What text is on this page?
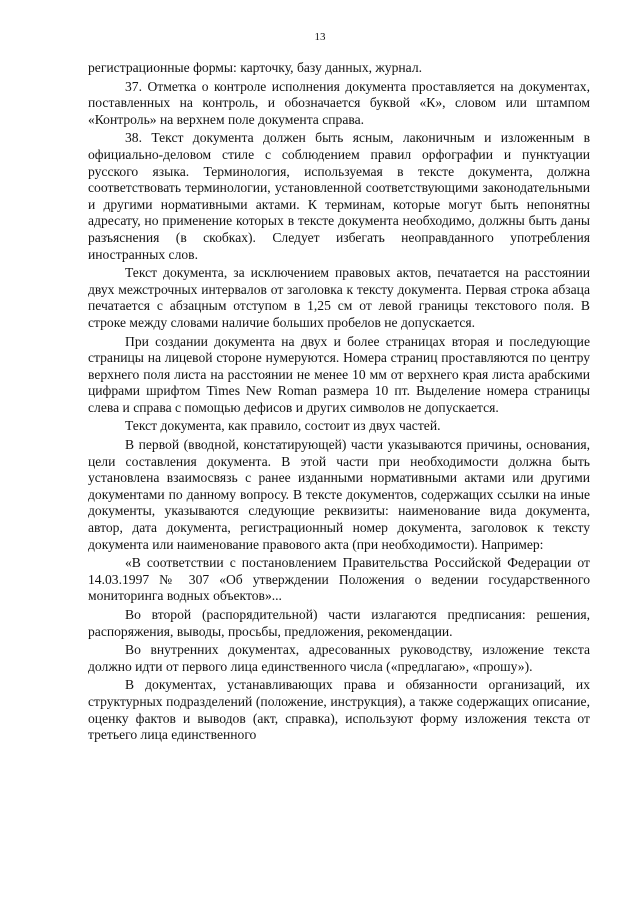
13

регистрационные формы: карточку, базу данных, журнал.

37. Отметка о контроле исполнения документа проставляется на документах, поставленных на контроль, и обозначается буквой «К», словом или штампом «Контроль» на верхнем поле документа справа.

38. Текст документа должен быть ясным, лаконичным и изложенным в официально-деловом стиле с соблюдением правил орфографии и пунктуации русского языка. Терминология, используемая в тексте документа, должна соответствовать терминологии, установленной соответствующими законодательными и другими нормативными актами. К терминам, которые могут быть непонятны адресату, но применение которых в тексте документа необходимо, должны быть даны разъяснения (в скобках). Следует избегать неоправданного употребления иностранных слов.

Текст документа, за исключением правовых актов, печатается на расстоянии двух межстрочных интервалов от заголовка к тексту документа. Первая строка абзаца печатается с абзацным отступом в 1,25 см от левой границы текстового поля. В строке между словами наличие больших пробелов не допускается.

При создании документа на двух и более страницах вторая и последующие страницы на лицевой стороне нумеруются. Номера страниц проставляются по центру верхнего поля листа на расстоянии не менее 10 мм от верхнего края листа арабскими цифрами шрифтом Times New Roman размера 10 пт. Выделение номера страницы слева и справа с помощью дефисов и других символов не допускается.

Текст документа, как правило, состоит из двух частей.

В первой (вводной, констатирующей) части указываются причины, основания, цели составления документа. В этой части при необходимости должна быть установлена взаимосвязь с ранее изданными нормативными актами или другими документами по данному вопросу. В тексте документов, содержащих ссылки на иные документы, указываются следующие реквизиты: наименование вида документа, автор, дата документа, регистрационный номер документа, заголовок к тексту документа или наименование правового акта (при необходимости). Например:

«В соответствии с постановлением Правительства Российской Федерации от 14.03.1997 № 307 «Об утверждении Положения о ведении государственного мониторинга водных объектов»...

Во второй (распорядительной) части излагаются предписания: решения, распоряжения, выводы, просьбы, предложения, рекомендации.

Во внутренних документах, адресованных руководству, изложение текста должно идти от первого лица единственного числа («предлагаю», «прошу»).

В документах, устанавливающих права и обязанности организаций, их структурных подразделений (положение, инструкция), а также содержащих описание, оценку фактов и выводов (акт, справка), используют форму изложения текста от третьего лица единственного
